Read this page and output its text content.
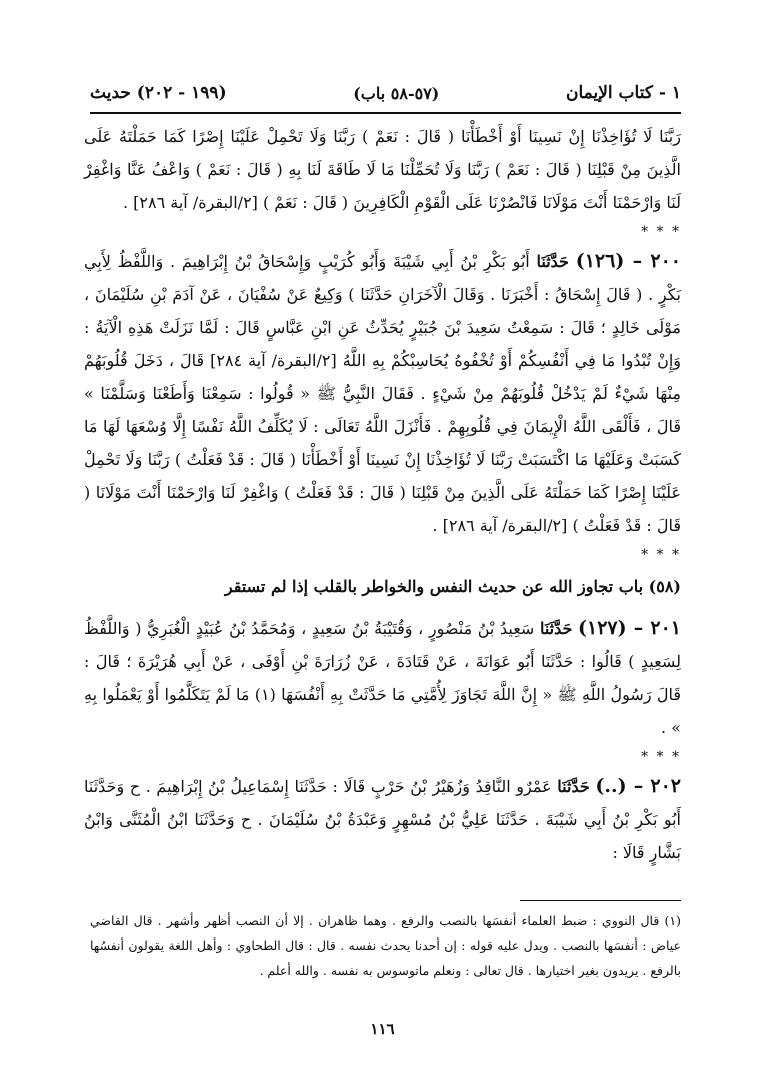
١ - كتاب الإيمان
(٥٧-٥٨ باب)
(١٩٩ - ٢٠٢) حديث

رَبَّنَا لَا تُؤَاخِذْنَا إِنْ نَسِينَا أَوْ أَخْطَأْنَا ( قَالَ : نَعَمْ ) رَبَّنَا وَلَا تَحْمِلْ عَلَيْنَا إِصْرًا كَمَا حَمَلْتَهُ عَلَى الَّذِينَ مِنْ قَبْلِنَا ( قَالَ : نَعَمْ ) رَبَّنَا وَلَا تُحَمِّلْنَا مَا لَا طَاقَةَ لَنَا بِهِ ( قَالَ : نَعَمْ ) وَاعْفُ عَنَّا وَاغْفِرْ لَنَا وَارْحَمْنَا أَنْتَ مَوْلَانَا فَانْصُرْنَا عَلَى الْقَوْمِ الْكَافِرِينَ ( قَالَ : نَعَمْ ) [٢/البقرة/ آية ٢٨٦] .

* * *

٢٠٠ – (١٢٦) حَدَّثَنَا أَبُو بَكْرِ بْنُ أَبِي شَيْبَةَ وَأَبُو كُرَيْبٍ وَإِسْحَاقُ بْنُ إِبْرَاهِيمَ . وَاللَّفْظُ لِأَبِي بَكْرٍ . ( قَالَ إِسْحَاقُ : أَخْبَرَنَا . وَقَالَ الْآخَرَانِ حَدَّثَنَا ) وَكِيعٌ عَنْ سُفْيَانَ ، عَنْ آدَمَ بْنِ سُلَيْمَانَ ، مَوْلَى خَالِدٍ ؛ قَالَ : سَمِعْتُ سَعِيدَ بْنَ جُبَيْرٍ يُحَدِّثُ عَنِ ابْنِ عَبَّاسٍ قَالَ : لَمَّا نَزَلَتْ هَذِهِ الْآيَةُ : وَإِنْ تُبْدُوا مَا فِي أَنْفُسِكُمْ أَوْ تُخْفُوهُ يُحَاسِبْكُمْ بِهِ اللَّهُ [٢/البقرة/ آية ٢٨٤] قَالَ ، دَخَلَ قُلُوبَهُمْ مِنْهَا شَيْءٌ لَمْ يَدْخُلْ قُلُوبَهُمْ مِنْ شَيْءٍ . فَقَالَ النَّبِيُّ ﷺ « قُولُوا : سَمِعْنَا وَأَطَعْنَا وَسَلَّمْنَا » قَالَ ، فَأَلْقَى اللَّهُ الْإِيمَانَ فِي قُلُوبِهِمْ . فَأَنْزَلَ اللَّهُ تَعَالَى : لَا يُكَلِّفُ اللَّهُ نَفْسًا إِلَّا وُسْعَهَا لَهَا مَا كَسَبَتْ وَعَلَيْهَا مَا اكْتَسَبَتْ رَبَّنَا لَا تُؤَاخِذْنَا إِنْ نَسِينَا أَوْ أَخْطَأْنَا ( قَالَ : قَدْ فَعَلْتُ ) رَبَّنَا وَلَا تَحْمِلْ عَلَيْنَا إِصْرًا كَمَا حَمَلْتَهُ عَلَى الَّذِينَ مِنْ قَبْلِنَا ( قَالَ : قَدْ فَعَلْتُ ) وَاغْفِرْ لَنَا وَارْحَمْنَا أَنْتَ مَوْلَانَا ( قَالَ : قَدْ فَعَلْتُ ) [٢/البقرة/ آية ٢٨٦] .

* * *
(٥٨) باب تجاوز الله عن حديث النفس والخواطر بالقلب إذا لم تستقر

٢٠١ – (١٢٧) حَدَّثَنَا سَعِيدُ بْنُ مَنْصُورٍ ، وَقُتَيْبَةُ بْنُ سَعِيدٍ ، وَمُحَمَّدُ بْنُ عُبَيْدٍ الْغُبَرِيُّ ( وَاللَّفْظُ لِسَعِيدٍ ) قَالُوا : حَدَّثَنَا أَبُو عَوَانَةَ ، عَنْ قَتَادَةَ ، عَنْ زُرَارَةَ بْنِ أَوْفَى ، عَنْ أَبِي هُرَيْرَةَ ؛ قَالَ : قَالَ رَسُولُ اللَّهِ ﷺ « إِنَّ اللَّهَ تَجَاوَزَ لِأُمَّتِي مَا حَدَّثَتْ بِهِ أَنْفُسَهَا (١) مَا لَمْ يَتَكَلَّمُوا أَوْ يَعْمَلُوا بِهِ » .

* * *

٢٠٢ – (..) حَدَّثَنَا عَمْرٌو النَّاقِدُ وَزُهَيْرُ بْنُ حَرْبٍ قَالَا : حَدَّثَنَا إِسْمَاعِيلُ بْنُ إِبْرَاهِيمَ . ح وَحَدَّثَنَا أَبُو بَكْرِ بْنُ أَبِي شَيْبَةَ . حَدَّثَنَا عَلِيُّ بْنُ مُسْهِرٍ وَعَبْدَةُ بْنُ سُلَيْمَانَ . ح وَحَدَّثَنَا ابْنُ الْمُثَنَّى وَابْنُ بَشَّارٍ قَالَا :

(١) قال النووي : ضبط العلماء أنفسَها بالنصب والرفع . وهما ظاهران . إلا أن النصب أظهر وأشهر . قال القاضي عياض : أنفسَها بالنصب . ويدل عليه قوله : إن أحدنا يحدث نفسه . قال : قال الطحاوي : وأهل اللغة يقولون أنفسُها بالرفع . يريدون بغير اختيارها . قال تعالى : ونعلم ماتوسوس به نفسه . والله أعلم .

١١٦
